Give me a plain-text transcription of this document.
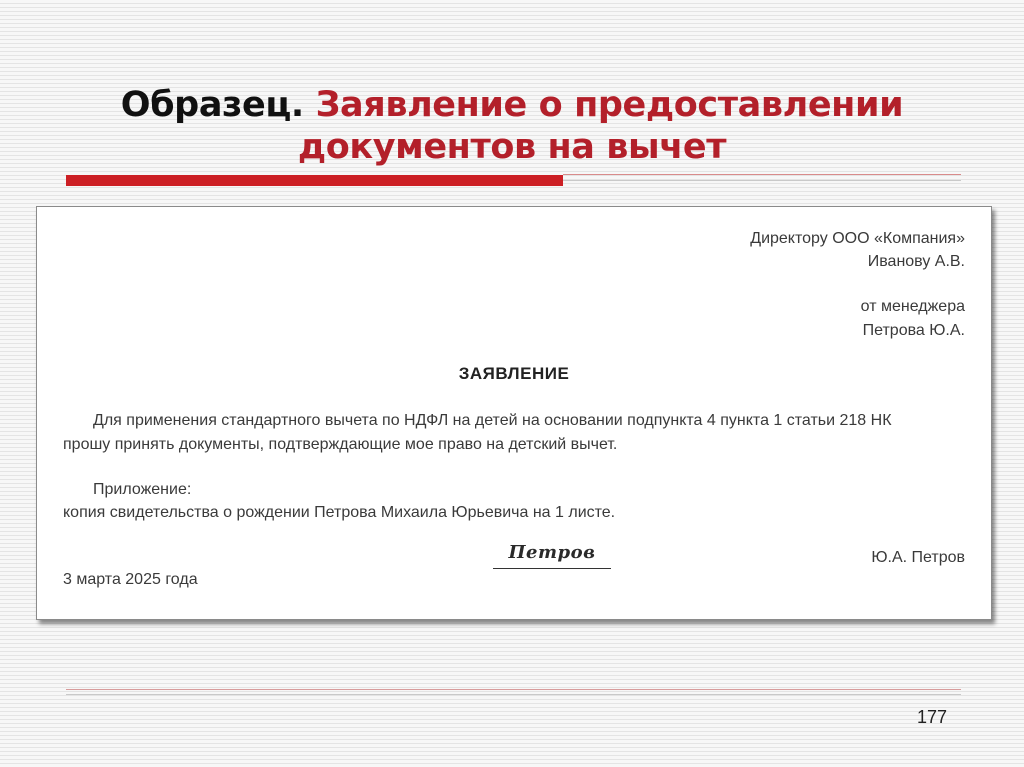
Образец. Заявление о предоставлении
документов на вычет
Директору ООО «Компания»
Иванову А.В.
от менеджера
Петрова Ю.А.
ЗАЯВЛЕНИЕ
Для применения стандартного вычета по НДФЛ на детей на основании подпункта 4 пункта 1 статьи 218 НК
прошу принять документы, подтверждающие мое право на детский вычет.
Приложение:
копия свидетельства о рождении Петрова Михаила Юрьевича на 1 листе.
Петров	Ю.А. Петров
3 марта 2025 года
177
